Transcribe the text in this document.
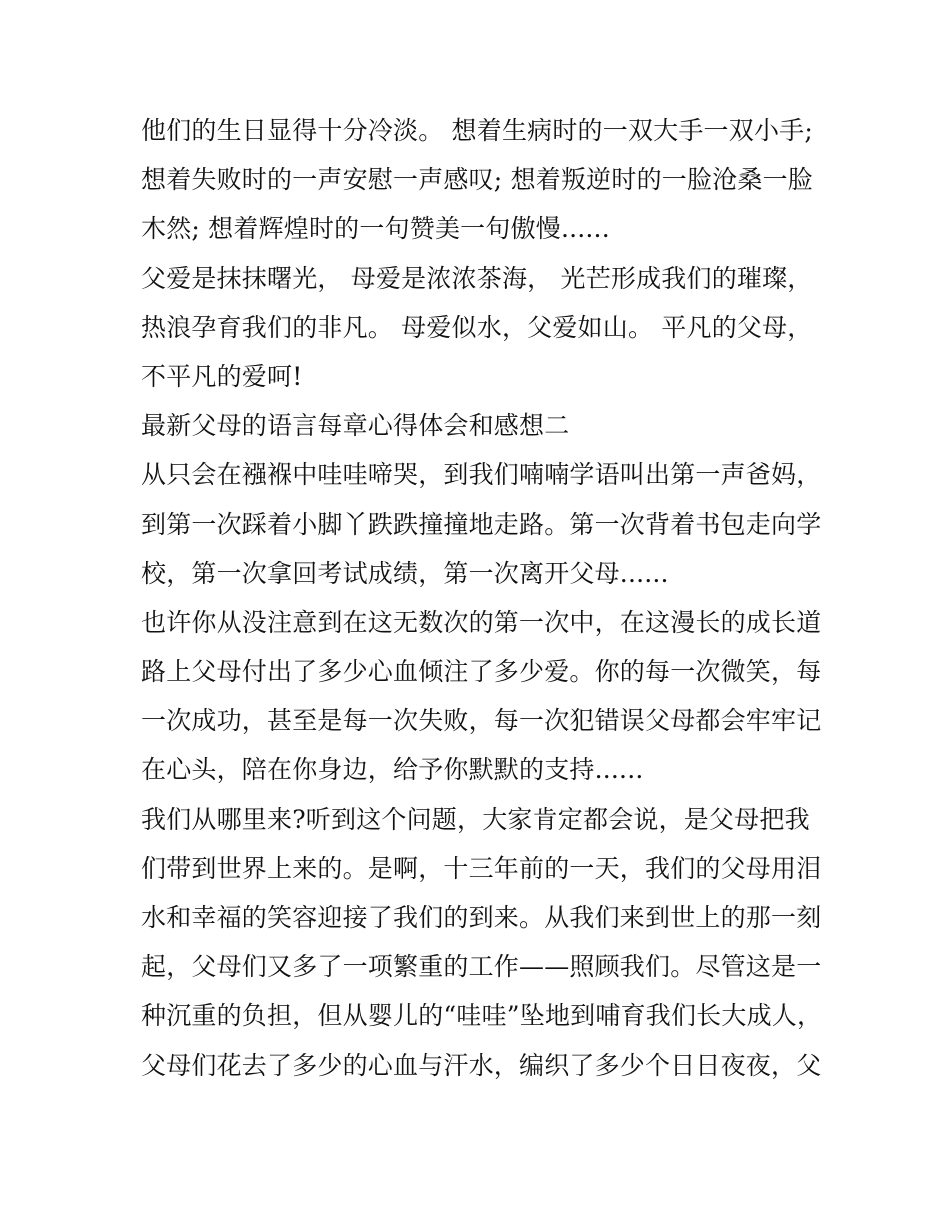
他们的生日显得十分冷淡。 想着生病时的一双大手一双小手;
想着失败时的一声安慰一声感叹; 想着叛逆时的一脸沧桑一脸
木然; 想着辉煌时的一句赞美一句傲慢......
父爱是抹抹曙光， 母爱是浓浓茶海， 光芒形成我们的璀璨，
热浪孕育我们的非凡。 母爱似水，父爱如山。 平凡的父母，
不平凡的爱呵!
最新父母的语言每章心得体会和感想二
从只会在襁褓中哇哇啼哭，到我们喃喃学语叫出第一声爸妈，
到第一次踩着小脚丫跌跌撞撞地走路。第一次背着书包走向学
校，第一次拿回考试成绩，第一次离开父母......
也许你从没注意到在这无数次的第一次中，在这漫长的成长道
路上父母付出了多少心血倾注了多少爱。你的每一次微笑，每
一次成功，甚至是每一次失败，每一次犯错误父母都会牢牢记
在心头，陪在你身边，给予你默默的支持......
我们从哪里来?听到这个问题，大家肯定都会说，是父母把我
们带到世界上来的。是啊，十三年前的一天，我们的父母用泪
水和幸福的笑容迎接了我们的到来。从我们来到世上的那一刻
起，父母们又多了一项繁重的工作——照顾我们。尽管这是一
种沉重的负担，但从婴儿的“哇哇”坠地到哺育我们长大成人，
父母们花去了多少的心血与汗水，编织了多少个日日夜夜，父
